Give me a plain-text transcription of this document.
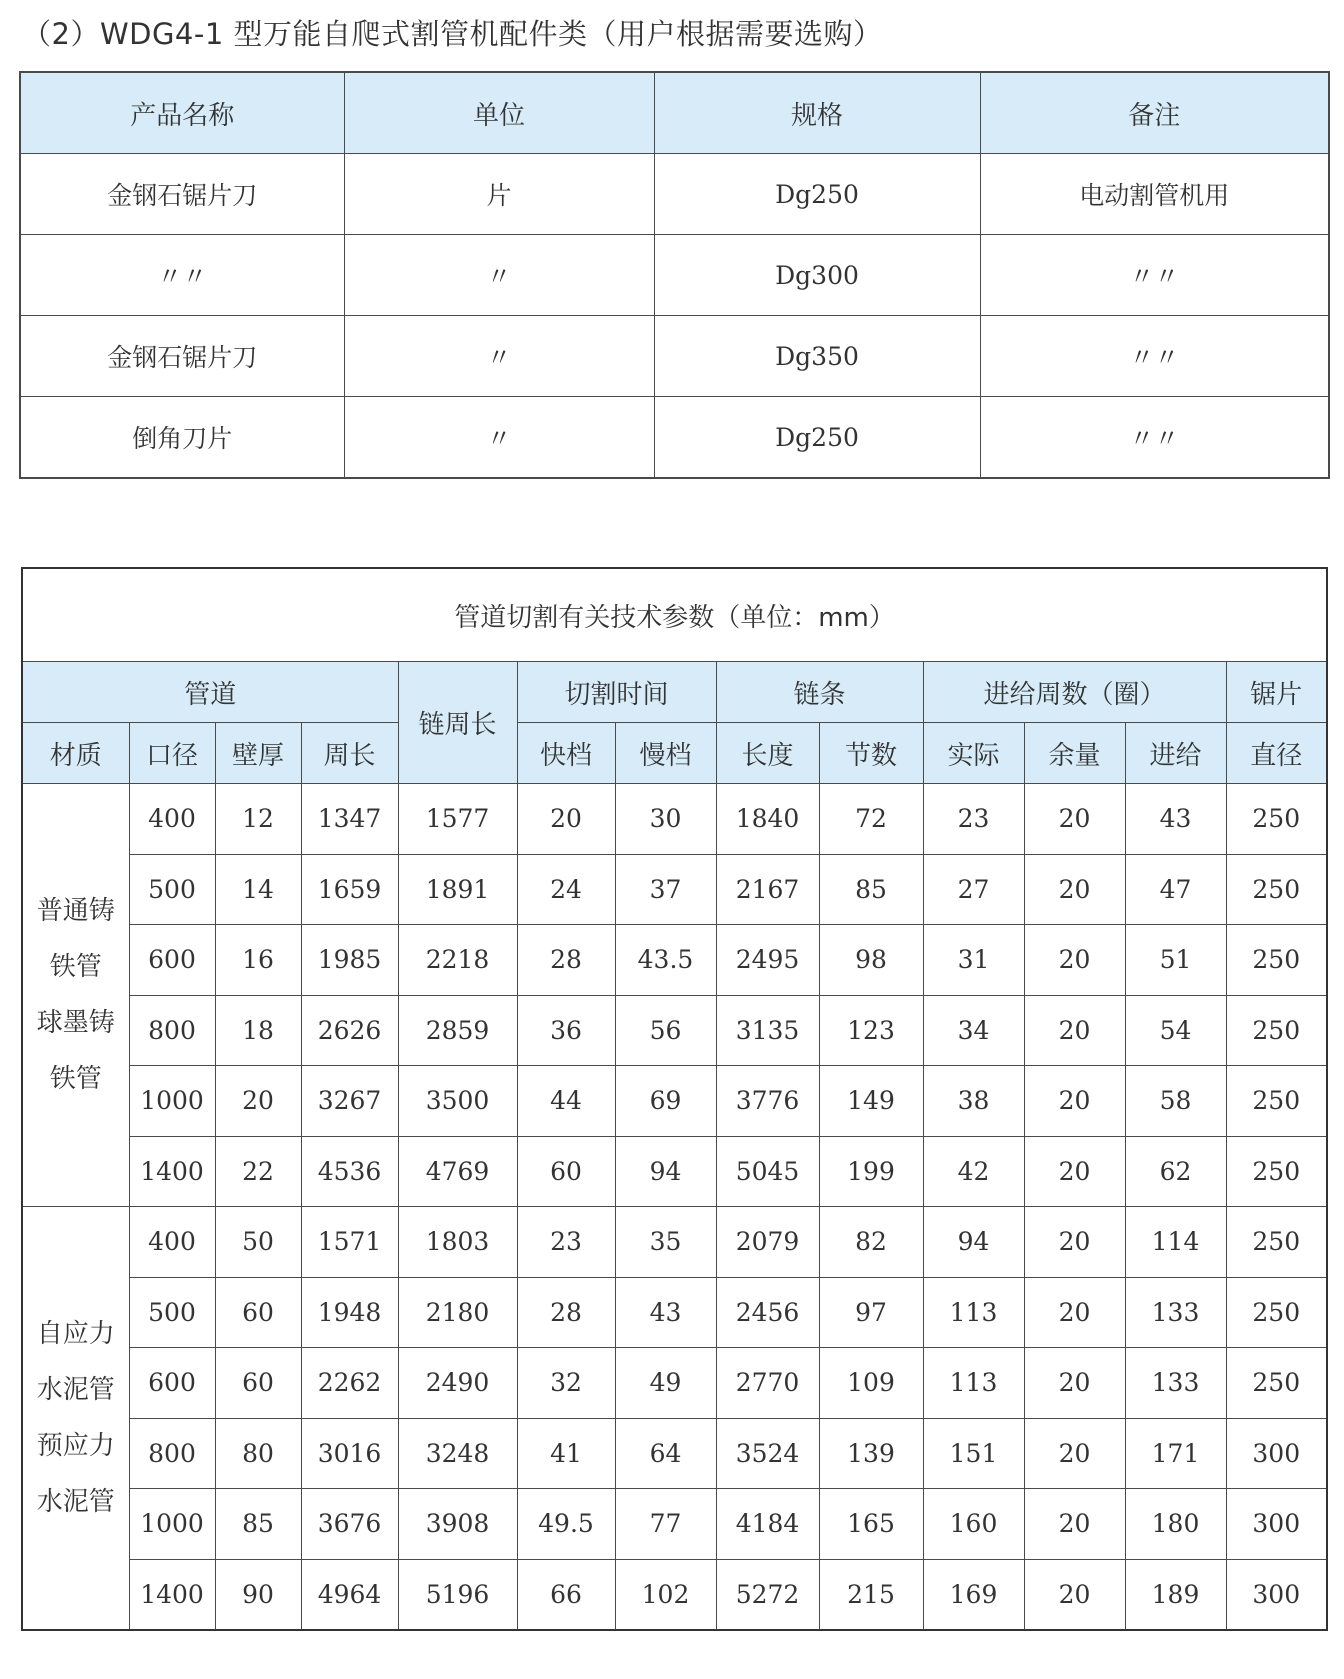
（2）WDG4-1 型万能自爬式割管机配件类（用户根据需要选购）
产品名称	单位	规格	备注
金钢石锯片刀	片	Dg250	电动割管机用
〃〃	〃	Dg300	〃〃
金钢石锯片刀	〃	Dg350	〃〃
倒角刀片	〃	Dg250	〃〃
管道切割有关技术参数（单位：mm）												
管道				链周长	切割时间		链条		进给周数（圈）			锯片
材质	口径	壁厚	周长		快档	慢档	长度	节数	实际	余量	进给	直径

普通铸
铁管
球墨铸
铁管	400	12	1347	1577	20	30	1840	72	23	20	43	250
	500	14	1659	1891	24	37	2167	85	27	20	47	250
	600	16	1985	2218	28	43.5	2495	98	31	20	51	250
	800	18	2626	2859	36	56	3135	123	34	20	54	250
	1000	20	3267	3500	44	69	3776	149	38	20	58	250
	1400	22	4536	4769	60	94	5045	199	42	20	62	250

自应力
水泥管
预应力
水泥管	400	50	1571	1803	23	35	2079	82	94	20	114	250
	500	60	1948	2180	28	43	2456	97	113	20	133	250
	600	60	2262	2490	32	49	2770	109	113	20	133	250
	800	80	3016	3248	41	64	3524	139	151	20	171	300
	1000	85	3676	3908	49.5	77	4184	165	160	20	180	300
	1400	90	4964	5196	66	102	5272	215	169	20	189	300
